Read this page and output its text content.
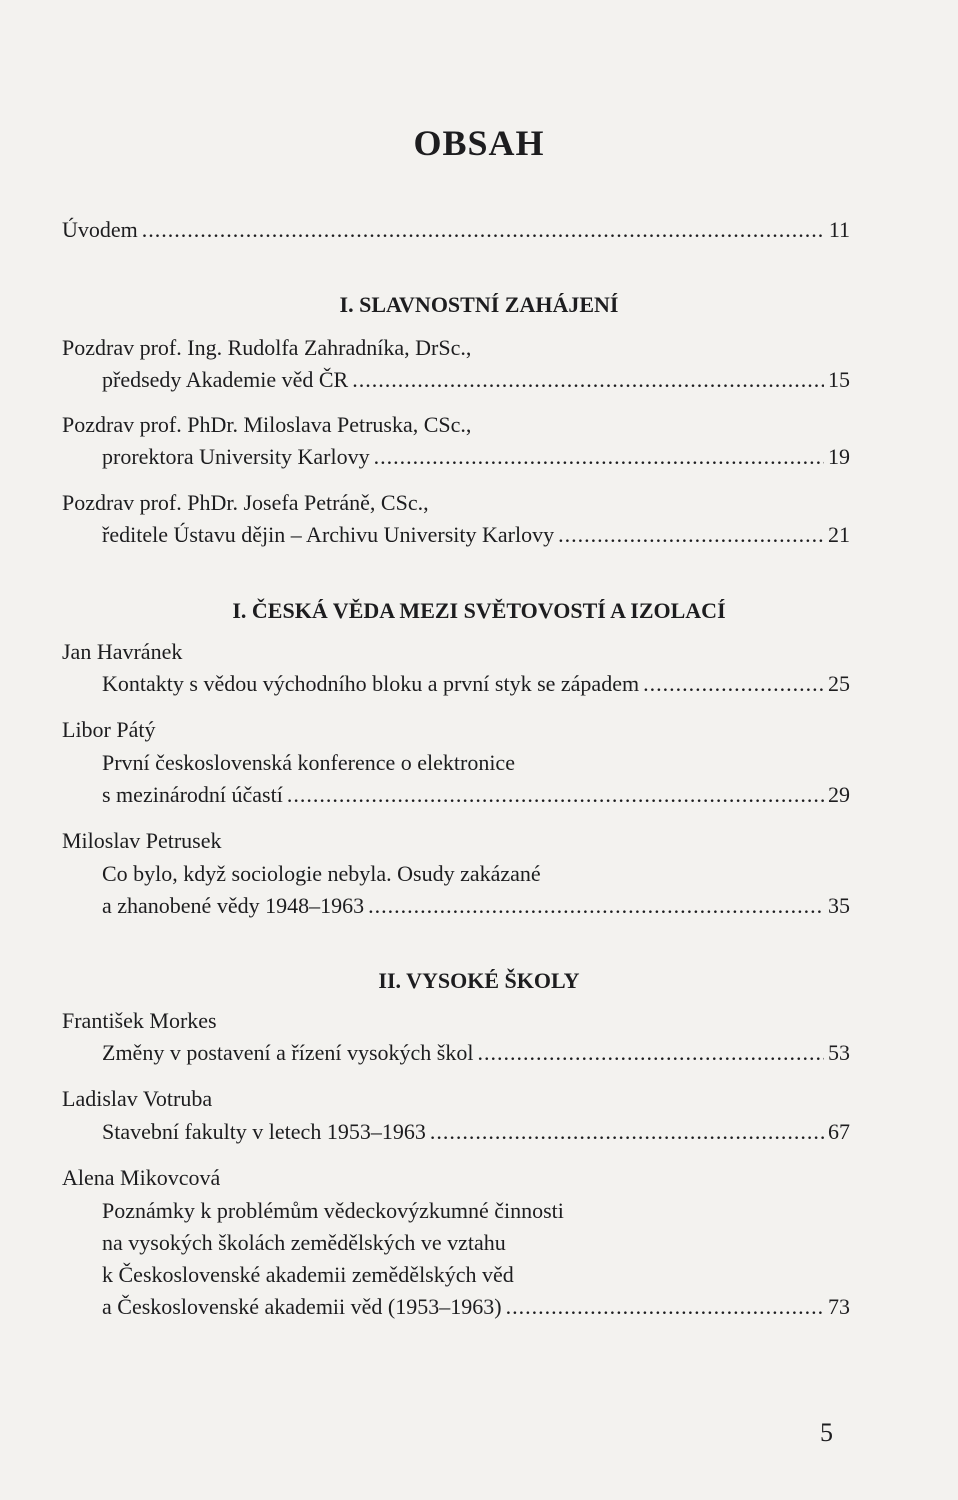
OBSAH
Úvodem .....	11
I. SLAVNOSTNÍ ZAHÁJENÍ
Pozdrav prof. Ing. Rudolfa Zahradníka, DrSc.,
předsedy Akademie věd ČR .....	15
Pozdrav prof. PhDr. Miloslava Petruska, CSc.,
prorektora University Karlovy .....	19
Pozdrav prof. PhDr. Josefa Petráně, CSc.,
ředitele Ústavu dějin – Archivu University Karlovy .....	21
I. ČESKÁ VĚDA MEZI SVĚTOVOSTÍ A IZOLACÍ
Jan Havránek
Kontakty s vědou východního bloku a první styk se západem .....	25
Libor Pátý
První československá konference o elektronice
s mezinárodní účastí .....	29
Miloslav Petrusek
Co bylo, když sociologie nebyla. Osudy zakázané
a zhanobené vědy 1948–1963 .....	35
II. VYSOKÉ ŠKOLY
František Morkes
Změny v postavení a řízení vysokých škol .....	53
Ladislav Votruba
Stavební fakulty v letech 1953–1963 .....	67
Alena Mikovcová
Poznámky k problémům vědeckovýzkumné činnosti
na vysokých školách zemědělských ve vztahu
k Československé akademii zemědělských věd
a Československé akademii věd (1953–1963) .....	73
5
